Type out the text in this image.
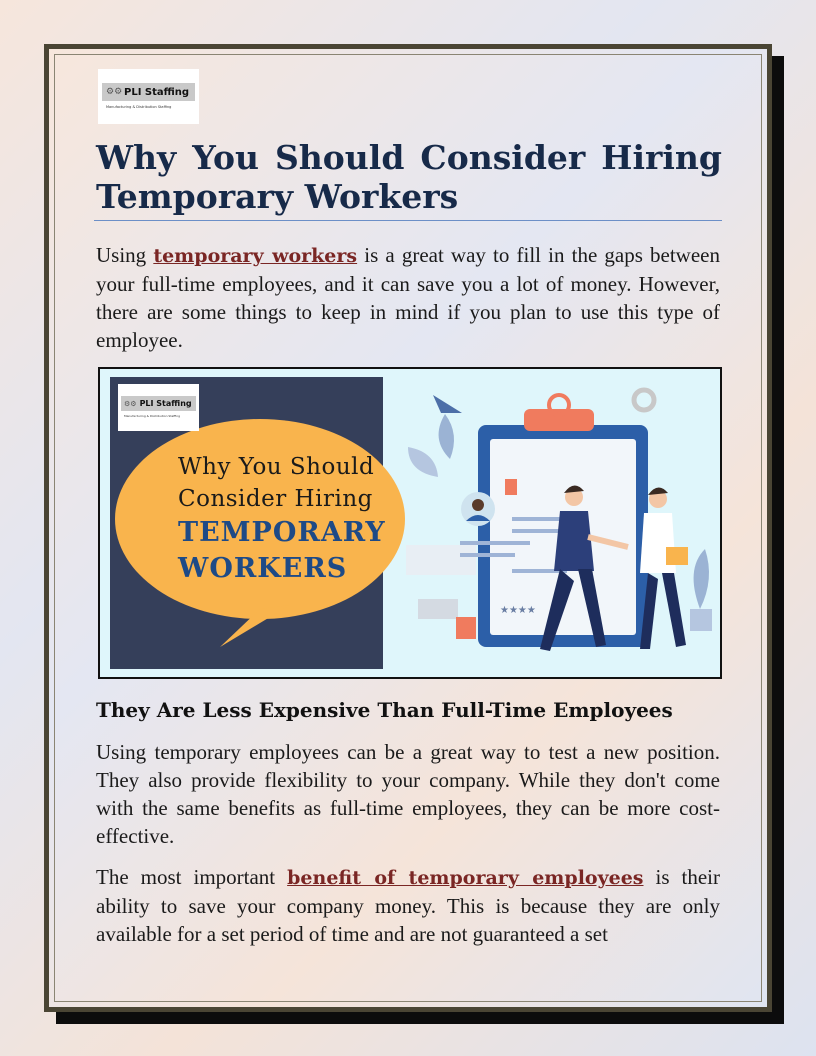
⚙⚙ PLI Staffing
Manufacturing & Distribution Staffing
Why You Should Consider Hiring Temporary Workers

Using temporary workers is a great way to fill in the gaps between your full-time employees, and it can save you a lot of money. However, there are some things to keep in mind if you plan to use this type of employee.

★★★★
⚙⚙ PLI Staffing
Manufacturing & Distribution Staffing
Why You Should
Consider Hiring
TEMPORARY
WORKERS
They Are Less Expensive Than Full-Time Employees

Using temporary employees can be a great way to test a new position. They also provide flexibility to your company. While they don't come with the same benefits as full-time employees, they can be more cost-effective.

The most important benefit of temporary employees is their ability to save your company money. This is because they are only available for a set period of time and are not guaranteed a set
